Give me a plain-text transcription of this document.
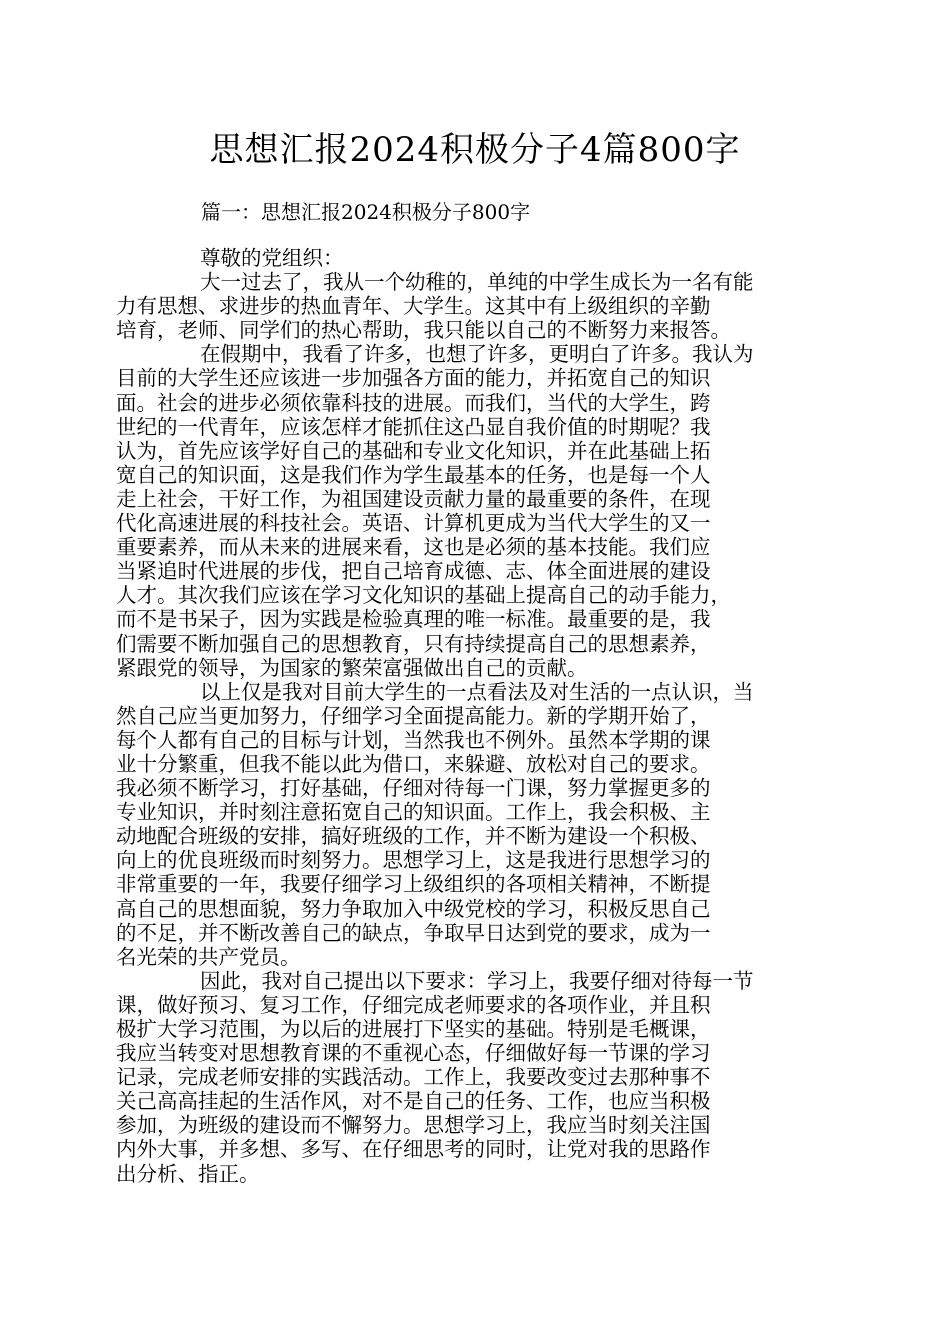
思想汇报2024积极分子4篇800字
篇一：思想汇报2024积极分子800字
尊敬的党组织：
大一过去了，我从一个幼稚的，单纯的中学生成长为一名有能
力有思想、求进步的热血青年、大学生。这其中有上级组织的辛勤
培育，老师、同学们的热心帮助，我只能以自己的不断努力来报答。
在假期中，我看了许多，也想了许多，更明白了许多。我认为
目前的大学生还应该进一步加强各方面的能力，并拓宽自己的知识
面。社会的进步必须依靠科技的进展。而我们，当代的大学生，跨
世纪的一代青年，应该怎样才能抓住这凸显自我价值的时期呢？我
认为，首先应该学好自己的基础和专业文化知识，并在此基础上拓
宽自己的知识面，这是我们作为学生最基本的任务，也是每一个人
走上社会，干好工作，为祖国建设贡献力量的最重要的条件，在现
代化高速进展的科技社会。英语、计算机更成为当代大学生的又一
重要素养，而从未来的进展来看，这也是必须的基本技能。我们应
当紧追时代进展的步伐，把自己培育成德、志、体全面进展的建设
人才。其次我们应该在学习文化知识的基础上提高自己的动手能力，
而不是书呆子，因为实践是检验真理的唯一标准。最重要的是，我
们需要不断加强自己的思想教育，只有持续提高自己的思想素养，
紧跟党的领导，为国家的繁荣富强做出自己的贡献。
以上仅是我对目前大学生的一点看法及对生活的一点认识，当
然自己应当更加努力，仔细学习全面提高能力。新的学期开始了，
每个人都有自己的目标与计划，当然我也不例外。虽然本学期的课
业十分繁重，但我不能以此为借口，来躲避、放松对自己的要求。
我必须不断学习，打好基础，仔细对待每一门课，努力掌握更多的
专业知识，并时刻注意拓宽自己的知识面。工作上，我会积极、主
动地配合班级的安排，搞好班级的工作，并不断为建设一个积极、
向上的优良班级而时刻努力。思想学习上，这是我进行思想学习的
非常重要的一年，我要仔细学习上级组织的各项相关精神，不断提
高自己的思想面貌，努力争取加入中级党校的学习，积极反思自己
的不足，并不断改善自己的缺点，争取早日达到党的要求，成为一
名光荣的共产党员。
因此，我对自己提出以下要求：学习上，我要仔细对待每一节
课，做好预习、复习工作，仔细完成老师要求的各项作业，并且积
极扩大学习范围，为以后的进展打下坚实的基础。特别是毛概课，
我应当转变对思想教育课的不重视心态，仔细做好每一节课的学习
记录，完成老师安排的实践活动。工作上，我要改变过去那种事不
关己高高挂起的生活作风，对不是自己的任务、工作，也应当积极
参加，为班级的建设而不懈努力。思想学习上，我应当时刻关注国
内外大事，并多想、多写、在仔细思考的同时，让党对我的思路作
出分析、指正。
